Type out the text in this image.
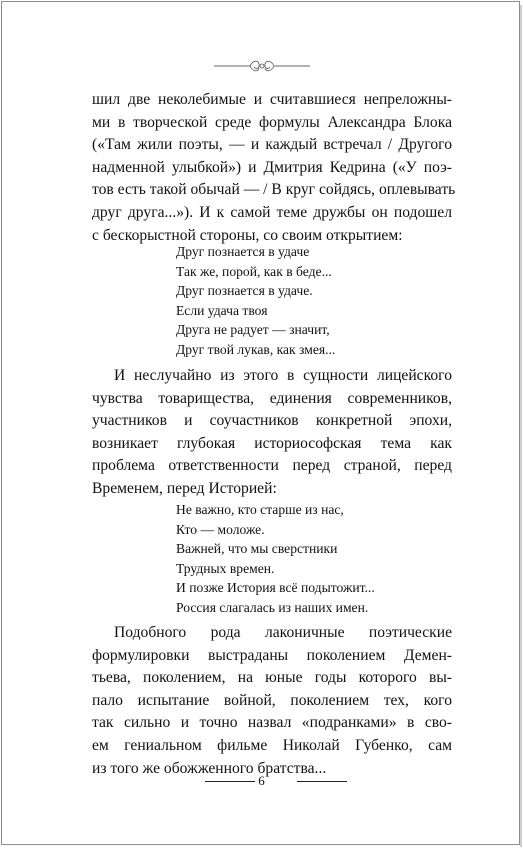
шил две неколебимые и считавшиеся непреложны-
ми в творческой среде формулы Александра Блока
(«Там жили поэты, — и каждый встречал / Другого
надменной улыбкой») и Дмитрия Кедрина («У поэ-
тов есть такой обычай — / В круг сойдясь, оплевывать
друг друга...»). И к самой теме дружбы он подошел
с бескорыстной стороны, со своим открытием:
Друг познается в удаче
Так же, порой, как в беде...
Друг познается в удаче.
Если удача твоя
Друга не радует — значит,
Друг твой лукав, как змея...
И неслучайно из этого в сущности лицейского
чувства товарищества, единения современников,
участников и соучастников конкретной эпохи,
возникает глубокая историософская тема как
проблема ответственности перед страной, перед
Временем, перед Историей:
Не важно, кто старше из нас,
Кто — моложе.
Важней, что мы сверстники
Трудных времен.
И позже История всё подытожит...
Россия слагалась из наших имен.
Подобного рода лаконичные поэтические
формулировки выстраданы поколением Демен-
тьева, поколением, на юные годы которого вы-
пало испытание войной, поколением тех, кого
так сильно и точно назвал «подранками» в сво-
ем гениальном фильме Николай Губенко, сам
из того же обожженного братства...
6
